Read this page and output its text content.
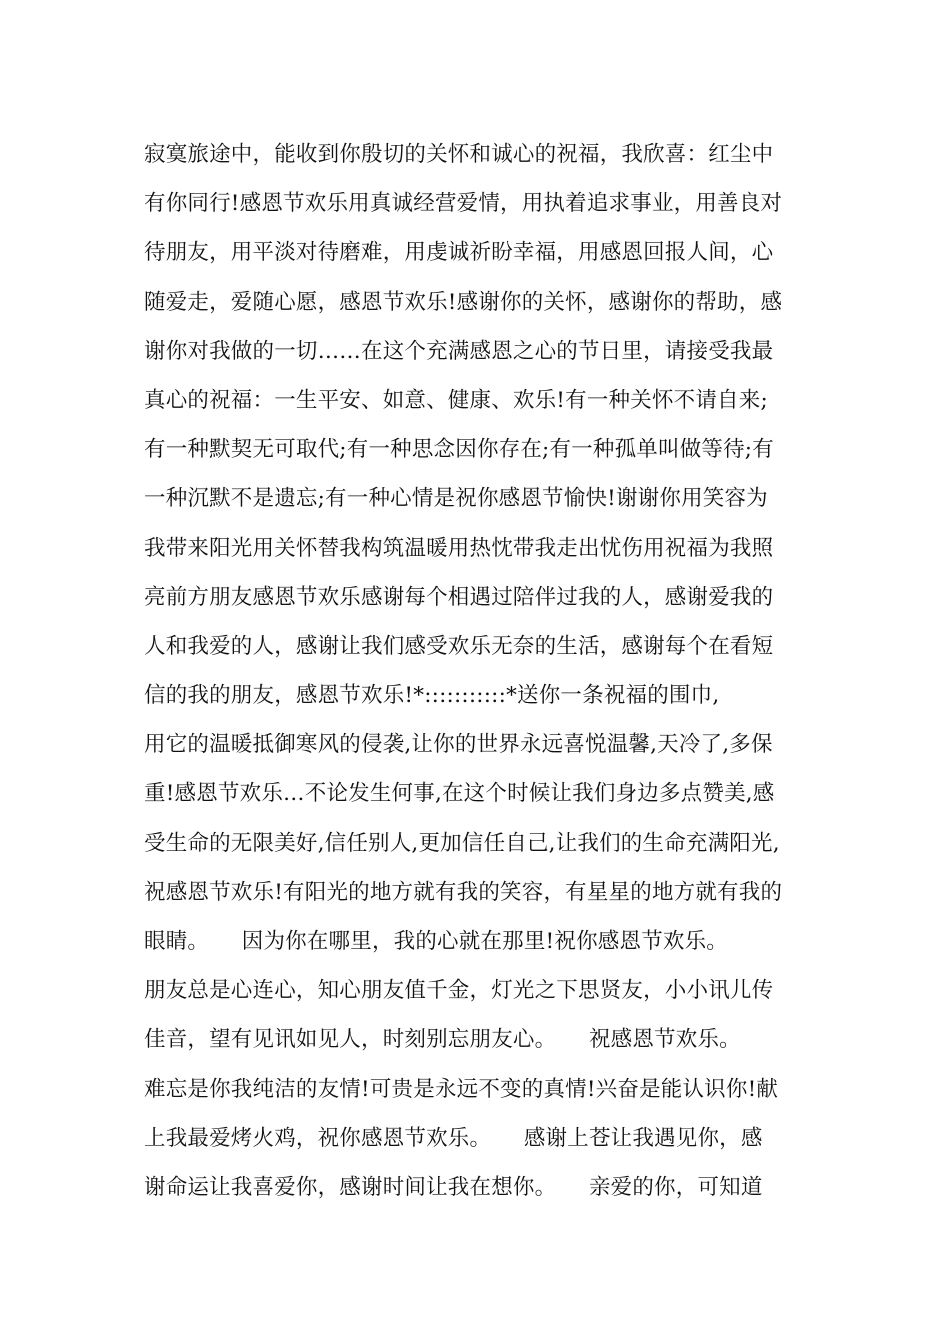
寂寞旅途中，能收到你殷切的关怀和诚心的祝福，我欣喜：红尘中
有你同行!感恩节欢乐用真诚经营爱情，用执着追求事业，用善良对
待朋友，用平淡对待磨难，用虔诚祈盼幸福，用感恩回报人间，心
随爱走，爱随心愿，感恩节欢乐!感谢你的关怀，感谢你的帮助，感
谢你对我做的一切……在这个充满感恩之心的节日里，请接受我最
真心的祝福：一生平安、如意、健康、欢乐!有一种关怀不请自来;
有一种默契无可取代;有一种思念因你存在;有一种孤单叫做等待;有
一种沉默不是遗忘;有一种心情是祝你感恩节愉快!谢谢你用笑容为
我带来阳光用关怀替我构筑温暖用热忱带我走出忧伤用祝福为我照
亮前方朋友感恩节欢乐感谢每个相遇过陪伴过我的人，感谢爱我的
人和我爱的人，感谢让我们感受欢乐无奈的生活，感谢每个在看短
信的我的朋友，感恩节欢乐!*:::::::::::*送你一条祝福的围巾,
用它的温暖抵御寒风的侵袭,让你的世界永远喜悦温馨,天冷了,多保
重!感恩节欢乐…不论发生何事,在这个时候让我们身边多点赞美,感
受生命的无限美好,信任别人,更加信任自己,让我们的生命充满阳光,
祝感恩节欢乐!有阳光的地方就有我的笑容，有星星的地方就有我的
眼睛。　　因为你在哪里，我的心就在那里!祝你感恩节欢乐。
朋友总是心连心，知心朋友值千金，灯光之下思贤友，小小讯儿传
佳音，望有见讯如见人，时刻别忘朋友心。　　祝感恩节欢乐。
难忘是你我纯洁的友情!可贵是永远不变的真情!兴奋是能认识你!献
上我最爱烤火鸡，祝你感恩节欢乐。　　感谢上苍让我遇见你，感
谢命运让我喜爱你，感谢时间让我在想你。　　亲爱的你，可知道
